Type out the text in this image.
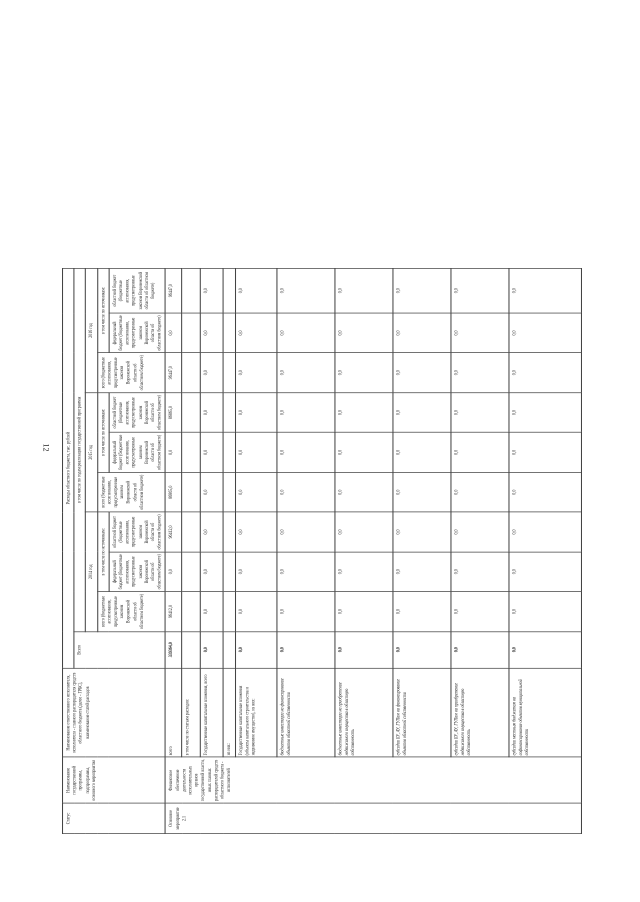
12
Статус	Наименование государственной программы, подпрограммы, основного мероприятия	Наименование ответственного исполнителя, исполнителя - главного распорядителя средств областного бюджета (далее - ГРБС), наименование статей расходов	Расходы областного бюджета, тыс. рублей									
			Всего	в том числе по годам реализации государственной программы								
				2014 год			2015 год			2016 год		
				всего (бюджетные ассигнования, предусмотренные законом Воронежской области об областном бюджете)	в том числе по источникам:		всего (бюджетные ассигнования, предусмотренные законом Воронежской области об областном бюджете)	в том числе по источникам:		всего (бюджетные ассигнования, предусмотренные законом Воронежской области об областном бюджете)	в том числе по источникам:	
					федеральный бюджет (бюджетные ассигнования, предусмотренные законом Воронежской области об областном бюджете)	областной бюджет (бюджетные ассигнования, предусмотренные законом Воронежской области об областном бюджете)		федеральный бюджет (бюджетные ассигнования, предусмотренные законом Воронежской области об областном бюджете)	областной бюджет (бюджетные ассигнования, предусмотренные законом Воронежской области об областном бюджете)		федеральный бюджет (бюджетные ассигнования, предусмотренные законом Воронежской области об областном бюджете)	областной бюджет (бюджетные ассигнования, предусмотренные законом Воронежской области об областном бюджете)
Основное мероприятие 2.1	Финансовое обеспечение деятельности исполнительных органов государственной власти, иных главных распорядителей средств областного бюджета - исполнителей	всего	339364,0	96412,0	0,0	96412,0	86865,0	0,0	86865,0	96447,0	0,0	96447,0
		в том числе по статьям расходов:										
		Государственные капитальные вложения, всего	0,0	0,0	0,0	0,0	0,0	0,0	0,0	0,0	0,0	0,0
		из них:										
		Государственные капитальные вложения (объекты капитального строительства и недвижимое имущество), из них:	0,0	0,0	0,0	0,0	0,0	0,0	0,0	0,0	0,0	0,0
		бюджетные инвестиции на финансирование объектов областной собственности	0,0	0,0	0,0	0,0	0,0	0,0	0,0	0,0	0,0	0,0
		бюджетные инвестиции на приобретение недвижимого имущества в областную собственность	0,0	0,0	0,0	0,0	0,0	0,0	0,0	0,0	0,0	0,0
		субсидии БУ, АУ, ГУПам на финансирование объектов областной собственности	0,0	0,0	0,0	0,0	0,0	0,0	0,0	0,0	0,0	0,0
		субсидии БУ, АУ, ГУПам на приобретение недвижимого имущества в областную собственность	0,0	0,0	0,0	0,0	0,0	0,0	0,0	0,0	0,0	0,0
		субсидии местным бюджетам на софинансирование объектов муниципальной собственности	0,0	0,0	0,0	0,0	0,0	0,0	0,0	0,0	0,0	0,0
